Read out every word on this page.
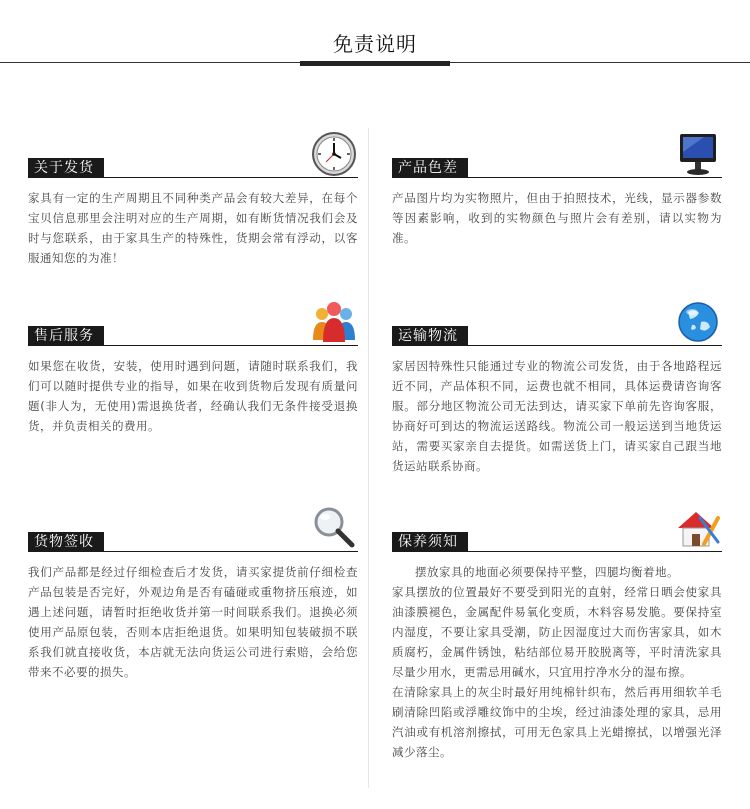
免责说明
关于发货
家具有一定的生产周期且不同种类产品会有较大差异，在每个宝贝信息那里会注明对应的生产周期，如有断货情况我们会及时与您联系，由于家具生产的特殊性，货期会常有浮动，以客服通知您的为准！
产品色差
产品图片均为实物照片，但由于拍照技术，光线，显示器参数等因素影响，收到的实物颜色与照片会有差别，请以实物为准。
售后服务
如果您在收货，安装，使用时遇到问题，请随时联系我们，我们可以随时提供专业的指导，如果在收到货物后发现有质量问题(非人为，无使用)需退换货者，经确认我们无条件接受退换货，并负责相关的费用。
运输物流
家居因特殊性只能通过专业的物流公司发货，由于各地路程远近不同，产品体积不同，运费也就不相同，具体运费请咨询客服。部分地区物流公司无法到达，请买家下单前先咨询客服，协商好可到达的物流运送路线。物流公司一般运送到当地货运站，需要买家亲自去提货。如需送货上门，请买家自己跟当地货运站联系协商。
货物签收
我们产品都是经过仔细检查后才发货，请买家提货前仔细检查产品包装是否完好，外观边角是否有磕碰或重物挤压痕迹，如遇上述问题，请暂时拒绝收货并第一时间联系我们。退换必须使用产品原包装，否则本店拒绝退货。如果明知包装破损不联系我们就直接收货，本店就无法向货运公司进行索赔，会给您带来不必要的损失。
保养须知

摆放家具的地面必须要保持平整，四腿均衡着地。

家具摆放的位置最好不要受到阳光的直射，经常日晒会使家具油漆膜褪色，金属配件易氧化变质，木料容易发脆。要保持室内湿度，不要让家具受潮，防止因湿度过大而伤害家具，如木质腐朽，金属件锈蚀，粘结部位易开胶脱离等，平时清洗家具尽量少用水，更需忌用碱水，只宜用拧净水分的湿布擦。

在清除家具上的灰尘时最好用纯棉针织布，然后再用细软羊毛刷清除凹陷或浮雕纹饰中的尘埃，经过油漆处理的家具，忌用汽油或有机溶剂擦拭，可用无色家具上光蜡擦拭，以增强光泽减少落尘。
